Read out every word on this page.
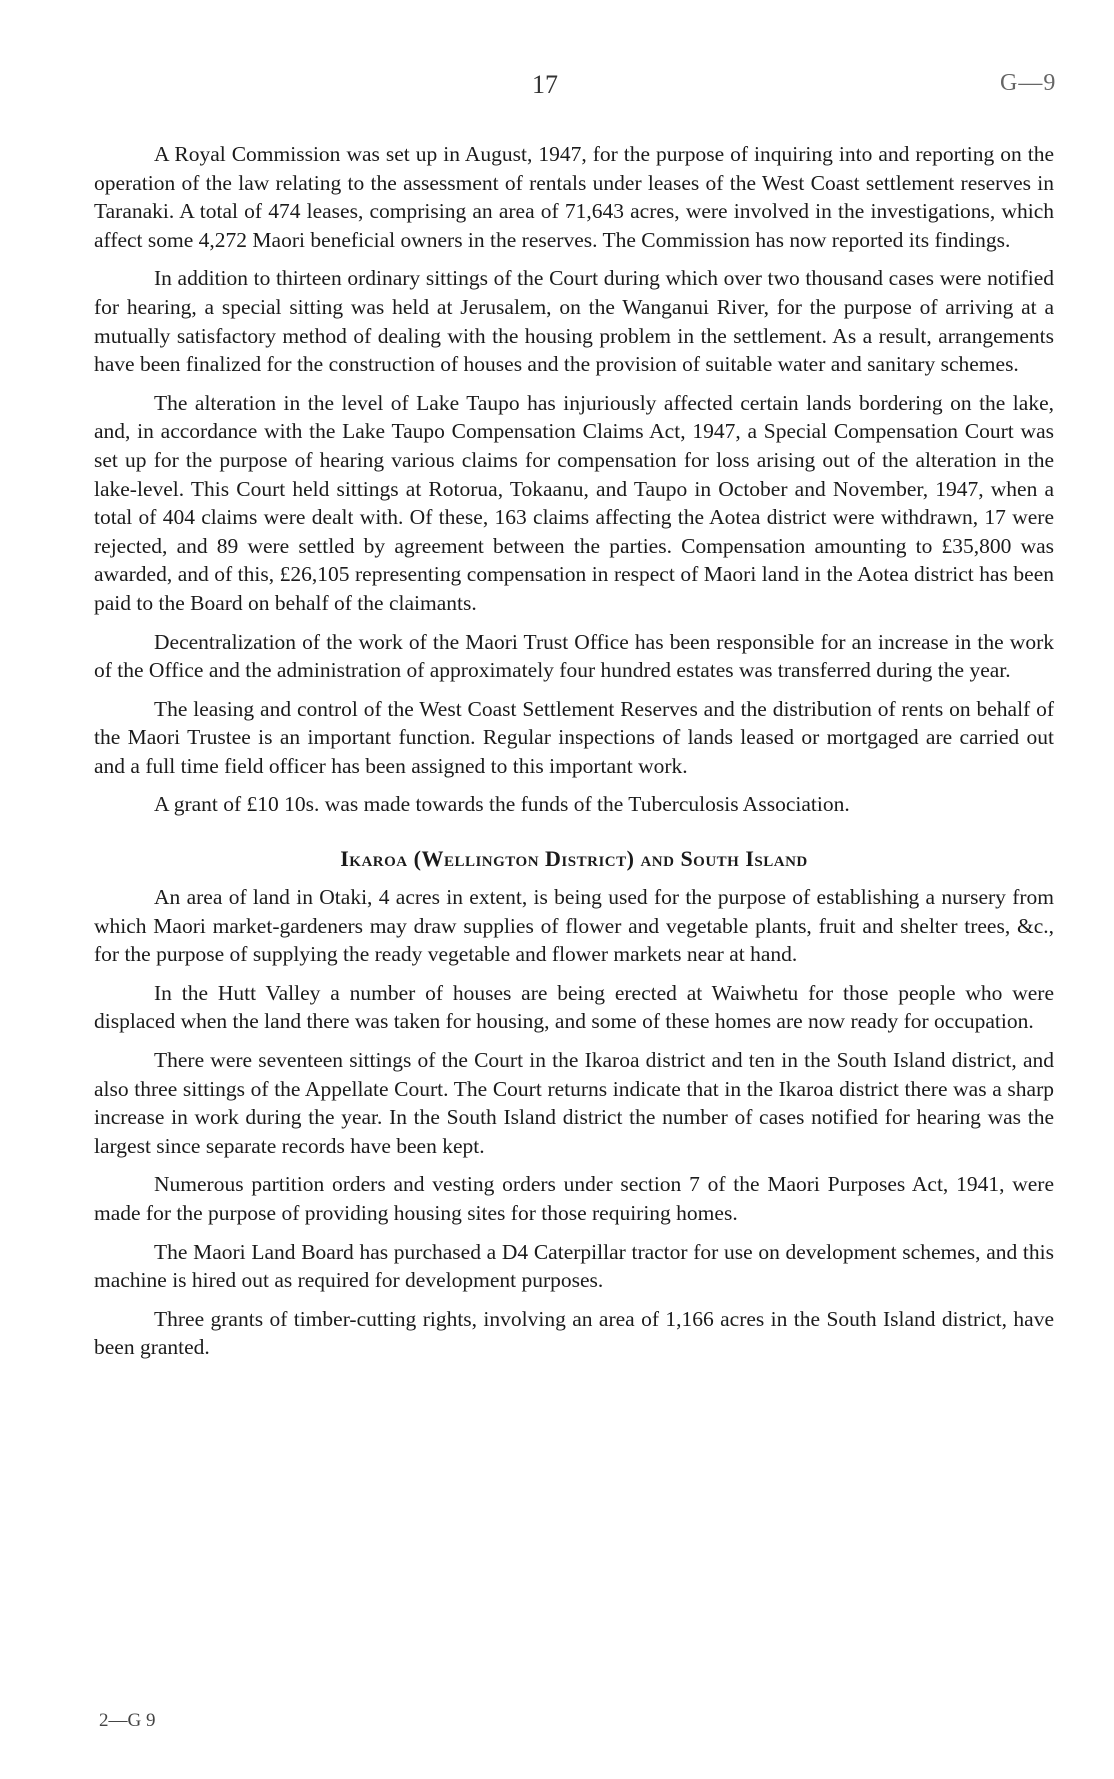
17	G—9

A Royal Commission was set up in August, 1947, for the purpose of inquiring into and reporting on the operation of the law relating to the assessment of rentals under leases of the West Coast settlement reserves in Taranaki. A total of 474 leases, comprising an area of 71,643 acres, were involved in the investigations, which affect some 4,272 Maori beneficial owners in the reserves. The Commission has now reported its findings.

In addition to thirteen ordinary sittings of the Court during which over two thousand cases were notified for hearing, a special sitting was held at Jerusalem, on the Wanganui River, for the purpose of arriving at a mutually satisfactory method of dealing with the housing problem in the settlement. As a result, arrangements have been finalized for the construction of houses and the provision of suitable water and sanitary schemes.

The alteration in the level of Lake Taupo has injuriously affected certain lands bordering on the lake, and, in accordance with the Lake Taupo Compensation Claims Act, 1947, a Special Compensation Court was set up for the purpose of hearing various claims for compensation for loss arising out of the alteration in the lake-level. This Court held sittings at Rotorua, Tokaanu, and Taupo in October and November, 1947, when a total of 404 claims were dealt with. Of these, 163 claims affecting the Aotea district were withdrawn, 17 were rejected, and 89 were settled by agreement between the parties. Compensation amounting to £35,800 was awarded, and of this, £26,105 representing compensation in respect of Maori land in the Aotea district has been paid to the Board on behalf of the claimants.

Decentralization of the work of the Maori Trust Office has been responsible for an increase in the work of the Office and the administration of approximately four hundred estates was transferred during the year.

The leasing and control of the West Coast Settlement Reserves and the distribution of rents on behalf of the Maori Trustee is an important function. Regular inspections of lands leased or mortgaged are carried out and a full time field officer has been assigned to this important work.

A grant of £10 10s. was made towards the funds of the Tuberculosis Association.

Ikaroa (Wellington District) and South Island

An area of land in Otaki, 4 acres in extent, is being used for the purpose of establishing a nursery from which Maori market-gardeners may draw supplies of flower and vegetable plants, fruit and shelter trees, &c., for the purpose of supplying the ready vegetable and flower markets near at hand.

In the Hutt Valley a number of houses are being erected at Waiwhetu for those people who were displaced when the land there was taken for housing, and some of these homes are now ready for occupation.

There were seventeen sittings of the Court in the Ikaroa district and ten in the South Island district, and also three sittings of the Appellate Court. The Court returns indicate that in the Ikaroa district there was a sharp increase in work during the year. In the South Island district the number of cases notified for hearing was the largest since separate records have been kept.

Numerous partition orders and vesting orders under section 7 of the Maori Purposes Act, 1941, were made for the purpose of providing housing sites for those requiring homes.

The Maori Land Board has purchased a D4 Caterpillar tractor for use on development schemes, and this machine is hired out as required for development purposes.

Three grants of timber-cutting rights, involving an area of 1,166 acres in the South Island district, have been granted.

2—G 9
